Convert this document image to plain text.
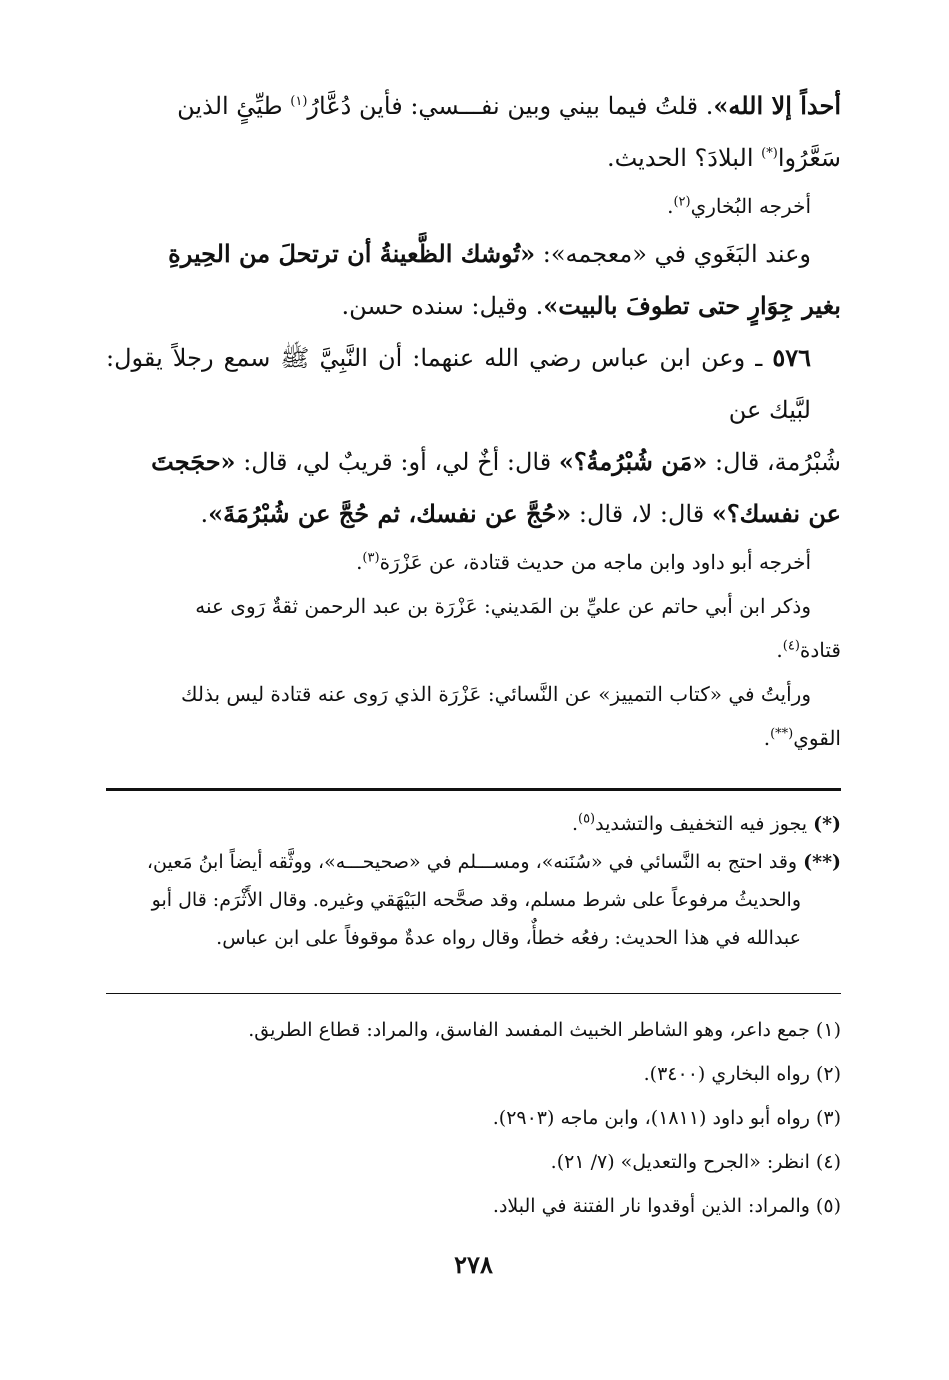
أحداً إلا الله». قلتُ فيما بيني وبين نفـــسي: فأين دُعَّارُ$^{(١)}$ طيِّئٍ الذين

سَعَّرُوا(*) البلادَ؟ الحديث.

أخرجه البُخاري$^{(٢)}$.

وعند البَغَوي في «معجمه»: «تُوشك الظَّعينةُ أن ترتحلَ من الحِيرةِ

بغير جِوَارٍ حتى تطوفَ بالبيت». وقيل: سنده حسن.

٥٧٦ ـ وعن ابن عباس رضي الله عنهما: أن النَّبِيَّ ﷺ سمع رجلاً يقول: لبَّيك عن

شُبْرُمة، قال: «مَن شُبْرُمةُ؟» قال: أخٌ لي، أو: قريبٌ لي، قال: «حجَجتَ

عن نفسك؟» قال: لا، قال: «حُجَّ عن نفسك، ثم حُجَّ عن شُبْرُمَةَ».

أخرجه أبو داود وابن ماجه من حديث قتادة، عن عَزْرَة$^{(٣)}$.

وذكر ابن أبي حاتم عن عليِّ بن المَديني: عَزْرَة بن عبد الرحمن ثقةٌ رَوى عنه

قتادة$^{(٤)}$.

ورأيتُ في «كتاب التمييز» عن النَّسائي: عَزْرَة الذي رَوى عنه قتادة ليس بذلك

القوي(**).

(*) يجوز فيه التخفيف والتشديد$^{(٥)}$.

(**) وقد احتج به النَّسائي في «سُنَنه»، ومســـلم في «صحيحـــه»، ووثَّقه أيضاً ابنُ مَعين،

والحديثُ مرفوعاً على شرط مسلم، وقد صحَّحه البَيْهَقي وغيره. وقال الأَثْرَم: قال أبو

عبدالله في هذا الحديث: رفعُه خطأٌ، وقال رواه عدةٌ موقوفاً على ابن عباس.

(١) جمع داعر، وهو الشاطر الخبيث المفسد الفاسق، والمراد: قطاع الطريق.

(٢) رواه البخاري (٣٤٠٠).

(٣) رواه أبو داود (١٨١١)، وابن ماجه (٢٩٠٣).

(٤) انظر: «الجرح والتعديل» (٧/ ٢١).

(٥) والمراد: الذين أوقدوا نار الفتنة في البلاد.

٢٧٨
